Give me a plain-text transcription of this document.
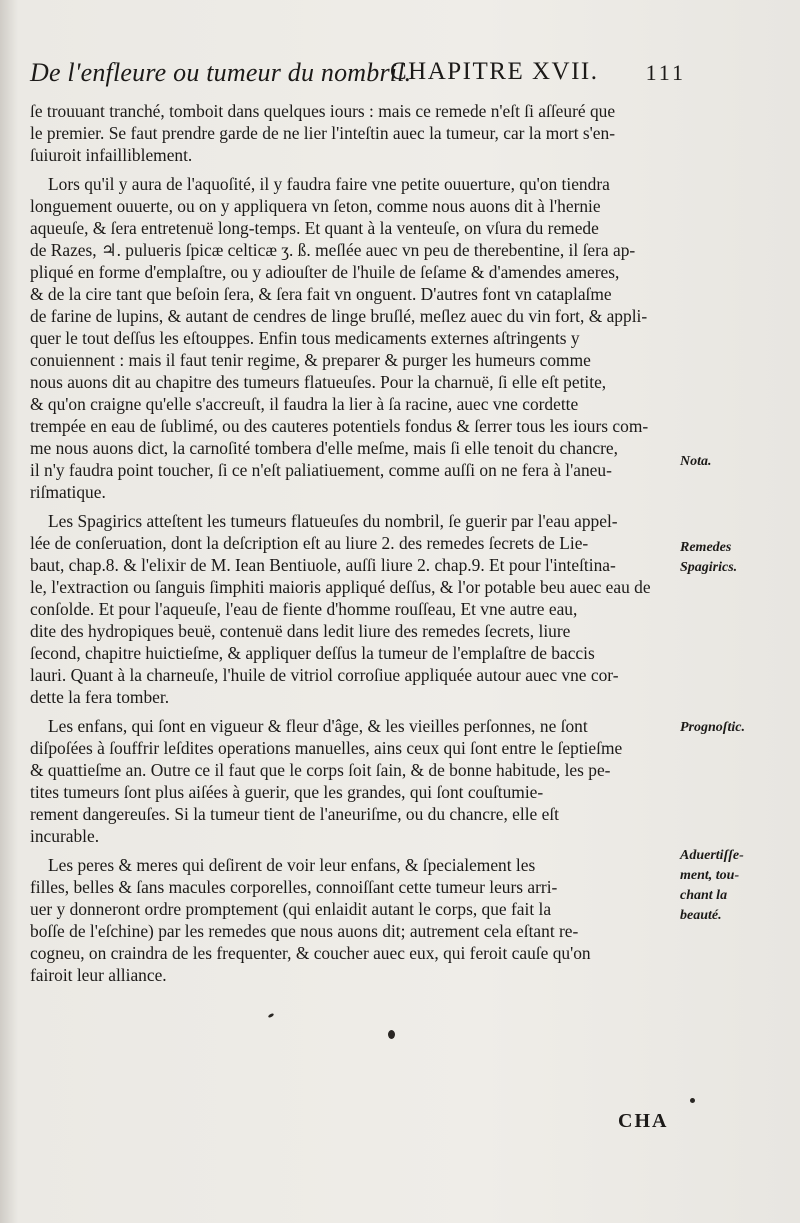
De l'enfleure ou tumeur du nombril.
CHAPITRE XVII. 111
ſe trouuant tranché, tomboit dans quelques iours : mais ce remede n'eſt ſi aſſeuré que
le premier. Se faut prendre garde de ne lier l'inteſtin auec la tumeur, car la mort s'en-
ſuiuroit infailliblement.
Lors qu'il y aura de l'aquoſité, il y faudra faire vne petite ouuerture, qu'on tiendra
longuement ouuerte, ou on y appliquera vn ſeton, comme nous auons dit à l'hernie
aqueuſe, & ſera entretenuë long-temps. Et quant à la venteuſe, on vſura du remede
de Razes, ♃. pulueris ſpicæ celticæ ʒ. ß. meſlée auec vn peu de therebentine, il ſera ap-
pliqué en forme d'emplaſtre, ou y adiouſter de l'huile de ſeſame & d'amendes ameres,
& de la cire tant que beſoin ſera, & ſera fait vn onguent. D'autres font vn cataplaſme
de farine de lupins, & autant de cendres de linge bruſlé, meſlez auec du vin fort, & appli-
quer le tout deſſus les eſtouppes. Enfin tous medicaments externes aſtringents y
conuiennent : mais il faut tenir regime, & preparer & purger les humeurs comme
nous auons dit au chapitre des tumeurs flatueuſes. Pour la charnuë, ſi elle eſt petite,
& qu'on craigne qu'elle s'accreuſt, il faudra la lier à ſa racine, auec vne cordette
trempée en eau de ſublimé, ou des cauteres potentiels fondus & ſerrer tous les iours com-
me nous auons dict, la carnoſité tombera d'elle meſme, mais ſi elle tenoit du chancre,
il n'y faudra point toucher, ſi ce n'eſt paliatiuement, comme auſſi on ne fera à l'aneu-
riſmatique.
Les Spagirics atteſtent les tumeurs flatueuſes du nombril, ſe guerir par l'eau appel-
lée de conſeruation, dont la deſcription eſt au liure 2. des remedes ſecrets de Lie-
baut, chap.8. & l'elixir de M. Iean Bentiuole, auſſi liure 2. chap.9. Et pour l'inteſtina-
le, l'extraction ou ſanguis ſimphiti maioris appliqué deſſus, & l'or potable beu auec eau de
conſolde. Et pour l'aqueuſe, l'eau de fiente d'homme rouſſeau, Et vne autre eau,
dite des hydropiques beuë, contenuë dans ledit liure des remedes ſecrets, liure
ſecond, chapitre huictieſme, & appliquer deſſus la tumeur de l'emplaſtre de baccis
lauri. Quant à la charneuſe, l'huile de vitriol corroſiue appliquée autour auec vne cor-
dette la fera tomber.
Les enfans, qui ſont en vigueur & fleur d'âge, & les vieilles perſonnes, ne ſont
diſpoſées à ſouffrir leſdites operations manuelles, ains ceux qui ſont entre le ſeptieſme
& quattieſme an. Outre ce il faut que le corps ſoit ſain, & de bonne habitude, les pe-
tites tumeurs ſont plus aiſées à guerir, que les grandes, qui ſont couſtumie-
rement dangereuſes. Si la tumeur tient de l'aneuriſme, ou du chancre, elle eſt
incurable.
Les peres & meres qui deſirent de voir leur enfans, & ſpecialement les
filles, belles & ſans macules corporelles, connoiſſant cette tumeur leurs arri-
uer y donneront ordre promptement (qui enlaidit autant le corps, que fait la
boſſe de l'eſchine) par les remedes que nous auons dit; autrement cela eſtant re-
cogneu, on craindra de les frequenter, & coucher auec eux, qui feroit cauſe qu'on
fairoit leur alliance.
Nota.
Remedes
Spagirics.
Prognoſtic.
Aduertiſſe-
ment, tou-
chant la
beauté.
CHA
